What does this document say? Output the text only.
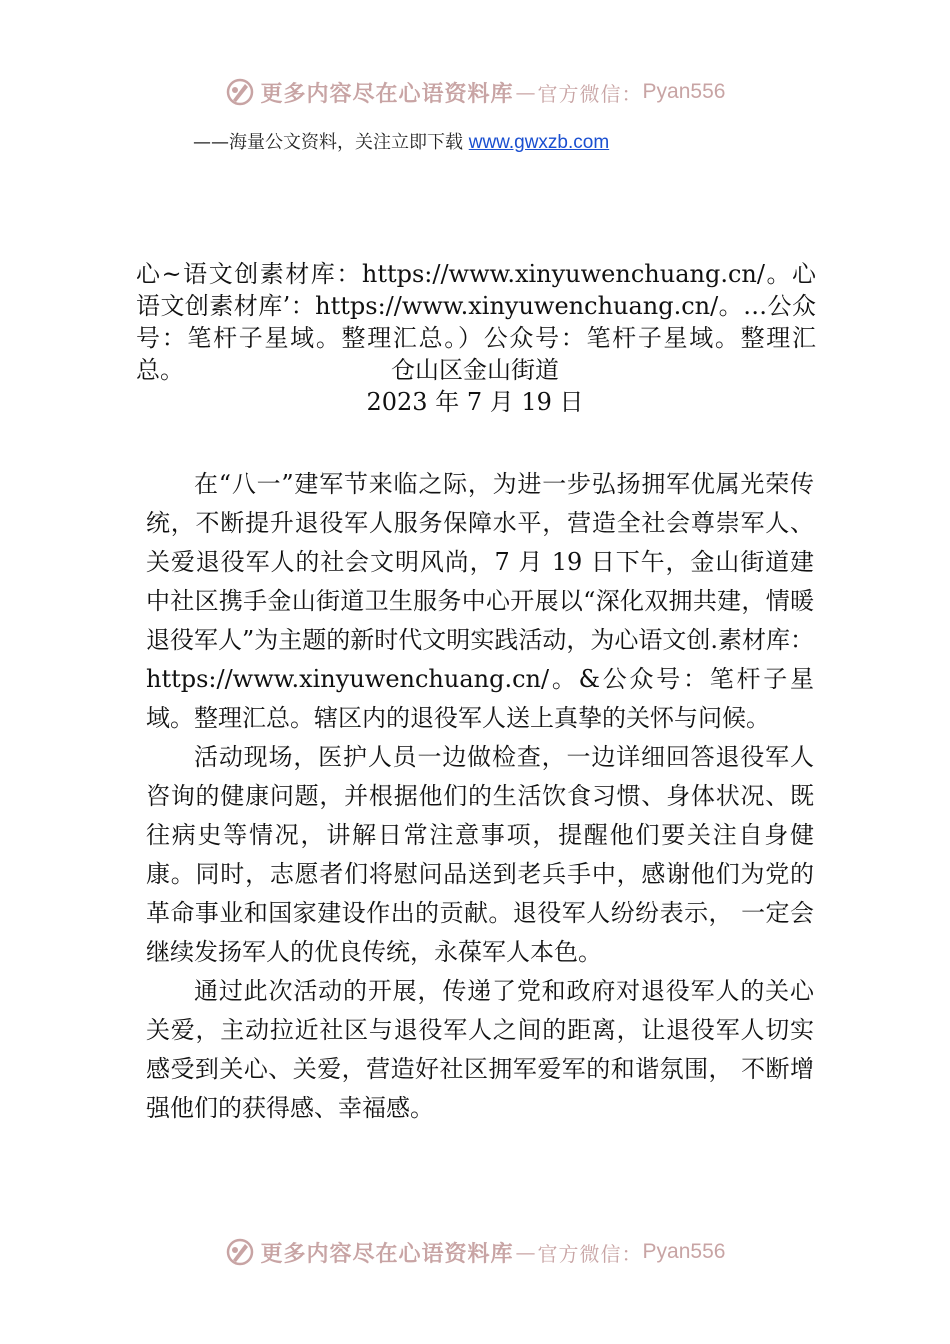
更多内容尽在心语资料库 — 官方微信： Pyan556
——海量公文资料，关注立即下载 www.gwxzb.com
心~语文创素材库：https://www.xinyuwenchuang.cn/。心语文创素材库’：https://www.xinyuwenchuang.cn/。…公众号：笔杆子星域。整理汇总。）公众号：笔杆子星域。整理汇总。	仓山区金山街道
2023 年 7 月 19 日

在“八一”建军节来临之际，为进一步弘扬拥军优属光荣传统，不断提升退役军人服务保障水平，营造全社会尊崇军人、关爱退役军人的社会文明风尚，7 月 19 日下午，金山街道建中社区携手金山街道卫生服务中心开展以“深化双拥共建，情暖退役军人”为主题的新时代文明实践活动，为心语文创.素材库：https://www.xinyuwenchuang.cn/。&公众号：笔杆子星域。整理汇总。辖区内的退役军人送上真挚的关怀与问候。

活动现场，医护人员一边做检查，一边详细回答退役军人咨询的健康问题，并根据他们的生活饮食习惯、身体状况、既往病史等情况，讲解日常注意事项，提醒他们要关注自身健康。同时，志愿者们将慰问品送到老兵手中，感谢他们为党的革命事业和国家建设作出的贡献。退役军人纷纷表示， 一定会继续发扬军人的优良传统，永葆军人本色。

通过此次活动的开展，传递了党和政府对退役军人的关心关爱，主动拉近社区与退役军人之间的距离，让退役军人切实感受到关心、关爱，营造好社区拥军爱军的和谐氛围， 不断增强他们的获得感、幸福感。

更多内容尽在心语资料库 — 官方微信： Pyan556
